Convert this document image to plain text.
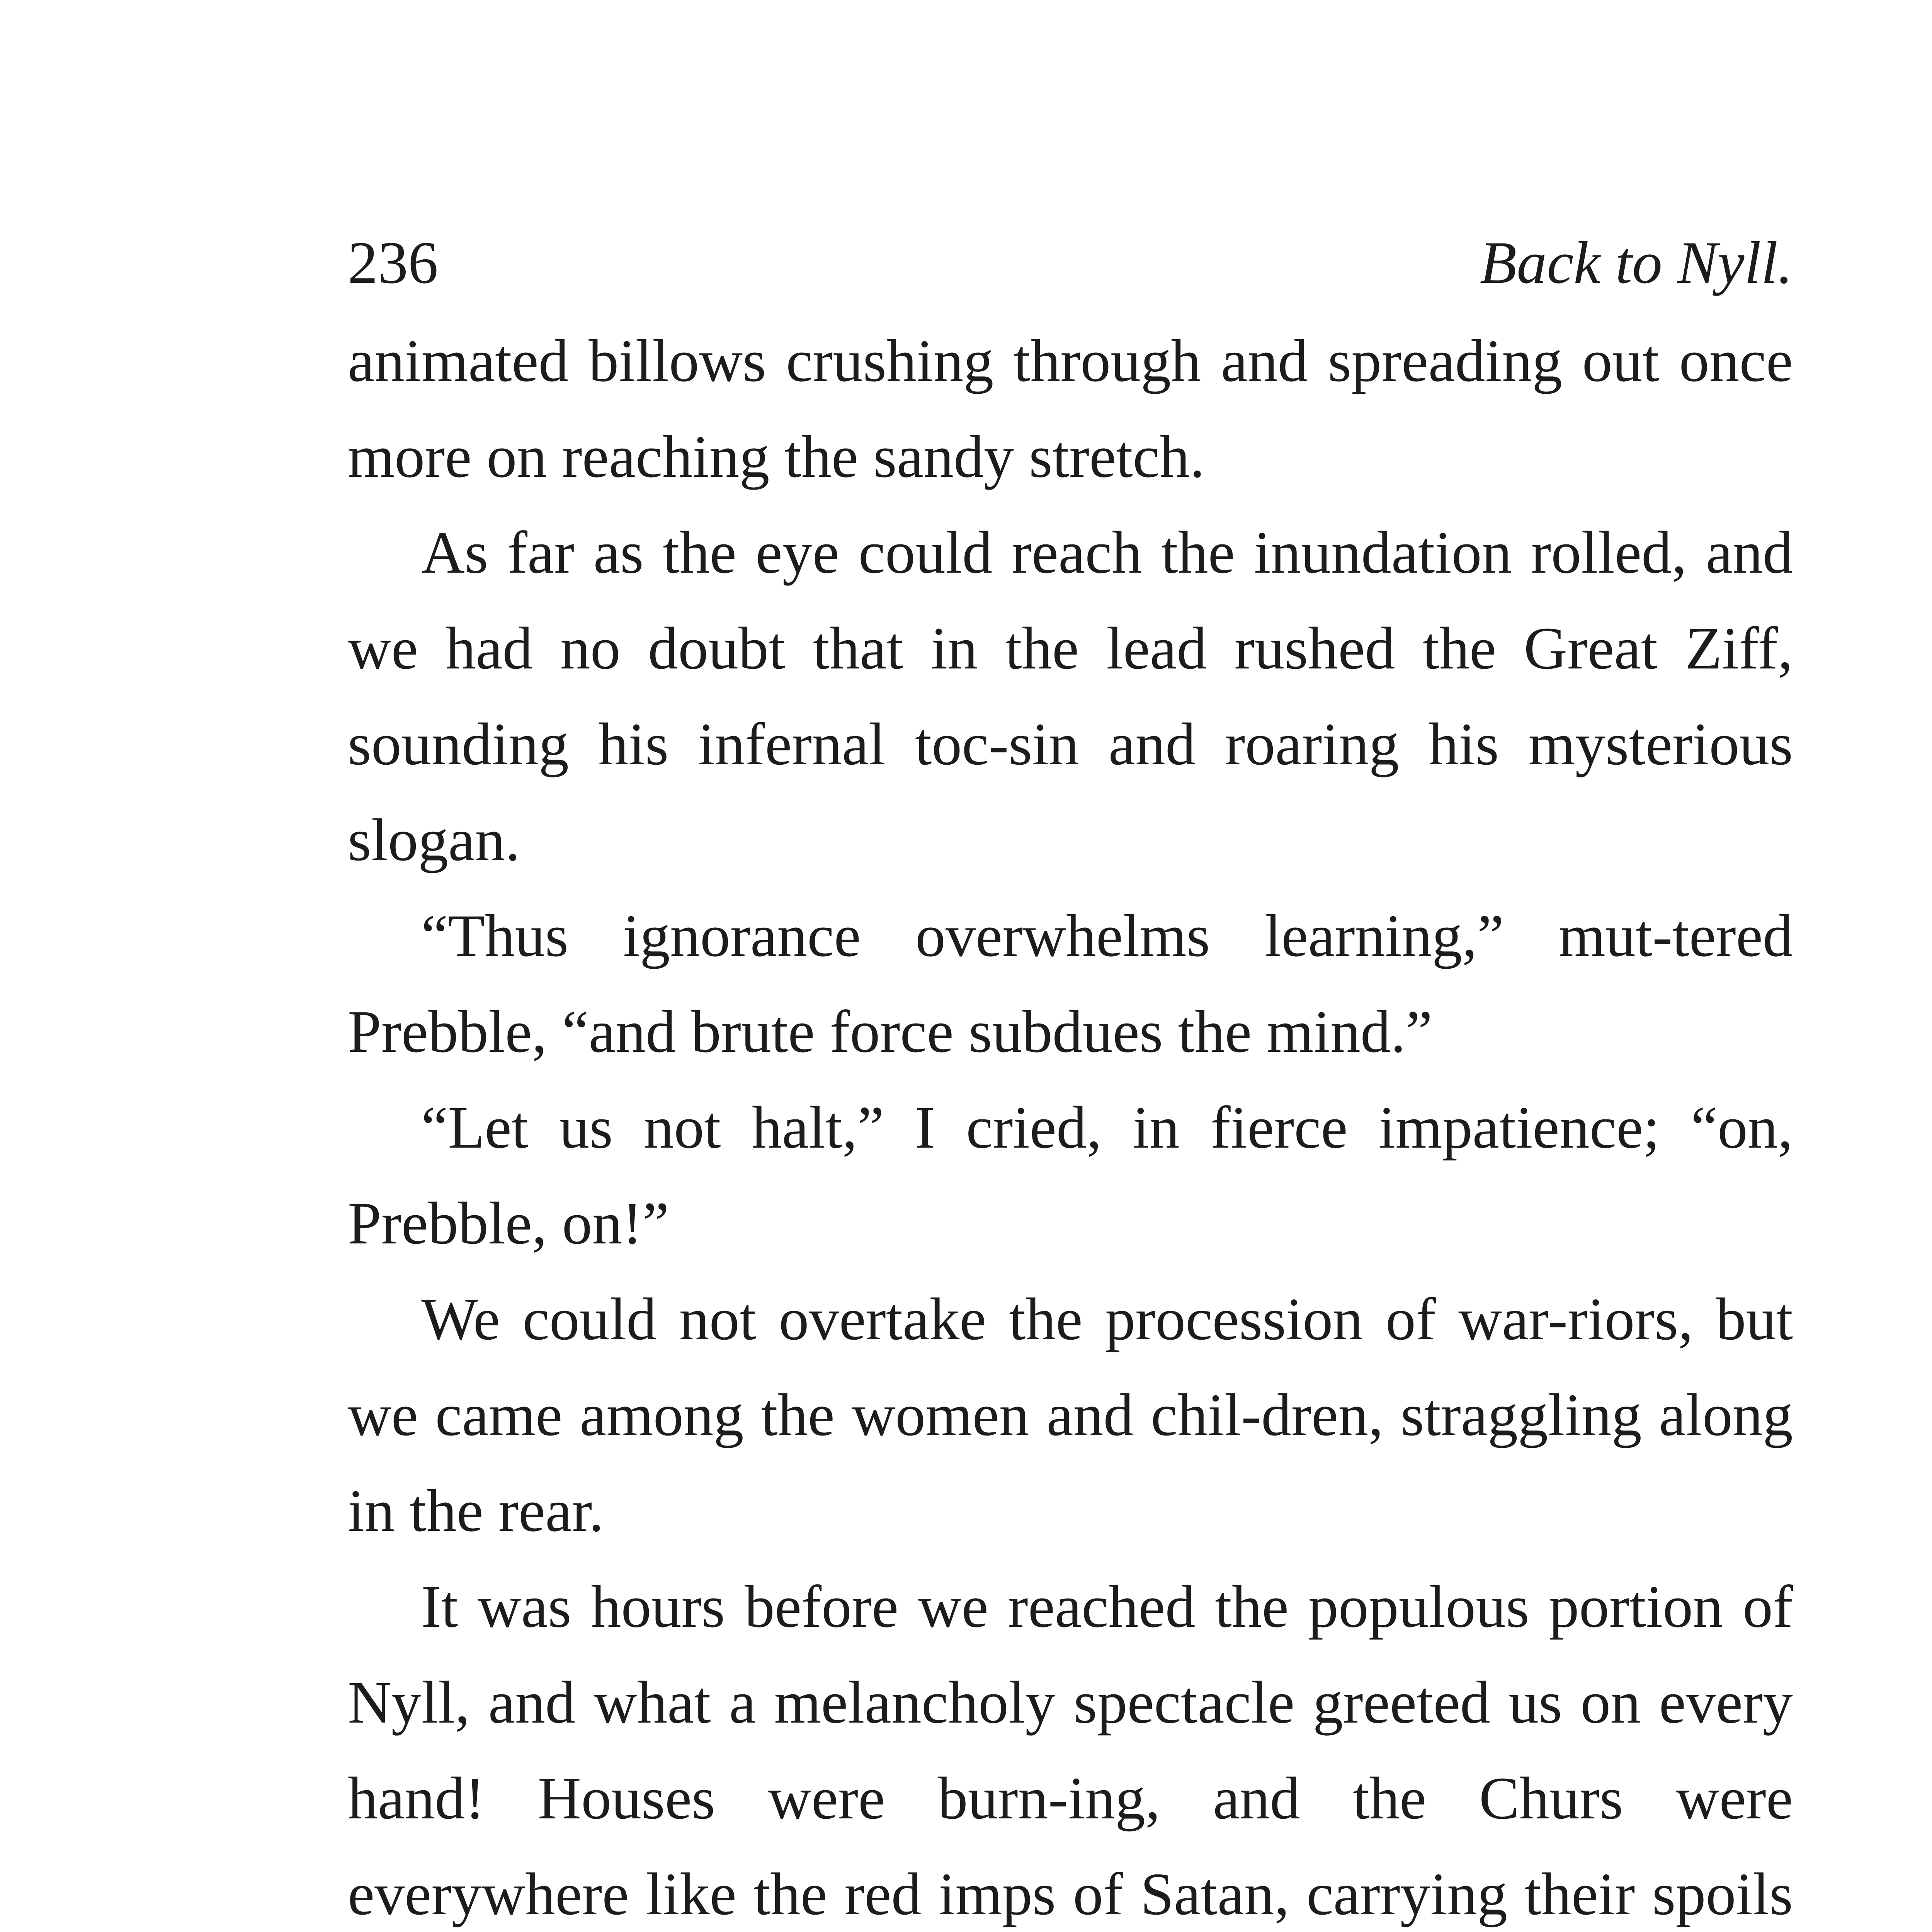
236	Back to Nyll.

animated billows crushing through and spreading out once more on reaching the sandy stretch.

As far as the eye could reach the inundation rolled, and we had no doubt that in the lead rushed the Great Ziff, sounding his infernal toc-sin and roaring his mysterious slogan.

“Thus ignorance overwhelms learning,” mut-tered Prebble, “and brute force subdues the mind.”

“Let us not halt,” I cried, in fierce impatience; “on, Prebble, on!”

We could not overtake the procession of war-riors, but we came among the women and chil-dren, straggling along in the rear.

It was hours before we reached the populous portion of Nyll, and what a melancholy spectacle greeted us on every hand! Houses were burn-ing, and the Churs were everywhere like the red imps of Satan, carrying their spoils
